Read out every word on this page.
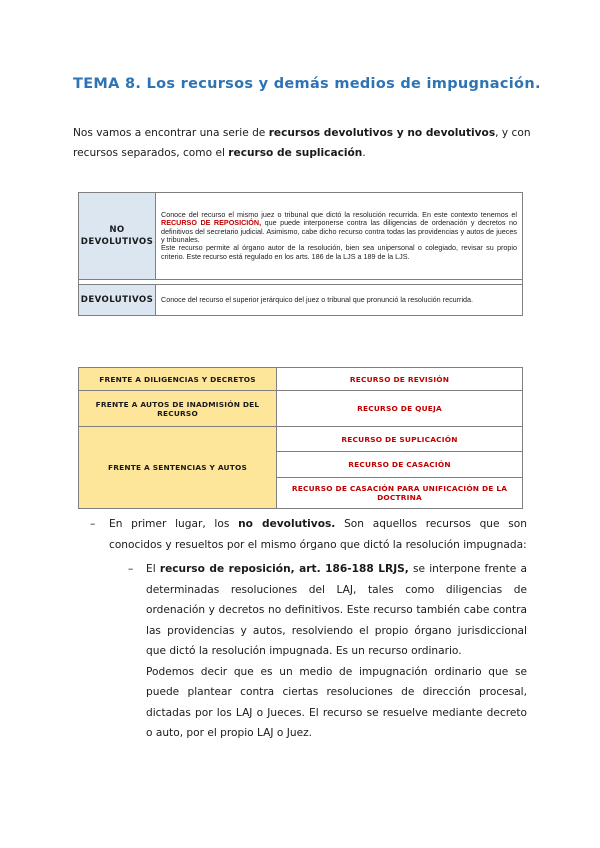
TEMA 8. Los recursos y demás medios de impugnación.
Nos vamos a encontrar una serie de recursos devolutivos y no devolutivos, y con recursos separados, como el recurso de suplicación.
NO DEVOLUTIVOS	Conoce del recurso el mismo juez o tribunal que dictó la resolución recurrida. En este contexto tenemos el RECURSO DE REPOSICIÓN, que puede interponerse contra las diligencias de ordenación y decretos no definitivos del secretario judicial. Asimismo, cabe dicho recurso contra todas las providencias y autos de jueces y tribunales.

Este recurso permite al órgano autor de la resolución, bien sea unipersonal o colegiado, revisar su propio criterio. Este recurso está regulado en los arts. 186 de la LJS a 189 de la LJS.

DEVOLUTIVOS	Conoce del recurso el superior jerárquico del juez o tribunal que pronunció la resolución recurrida.
FRENTE A DILIGENCIAS Y DECRETOS	RECURSO DE REVISIÓN
FRENTE A AUTOS DE INADMISIÓN DEL RECURSO	RECURSO DE QUEJA
FRENTE A SENTENCIAS Y AUTOS	RECURSO DE SUPLICACIÓN
	RECURSO DE CASACIÓN
	RECURSO DE CASACIÓN PARA UNIFICACIÓN DE LA DOCTRINA
– En primer lugar, los no devolutivos. Son aquellos recursos que son conocidos y resueltos por el mismo órgano que dictó la resolución impugnada:
– El recurso de reposición, art. 186-188 LRJS, se interpone frente a determinadas resoluciones del LAJ, tales como diligencias de ordenación y decretos no definitivos. Este recurso también cabe contra las providencias y autos, resolviendo el propio órgano jurisdiccional que dictó la resolución impugnada. Es un recurso ordinario.
Podemos decir que es un medio de impugnación ordinario que se puede plantear contra ciertas resoluciones de dirección procesal, dictadas por los LAJ o Jueces. El recurso se resuelve mediante decreto o auto, por el propio LAJ o Juez.
